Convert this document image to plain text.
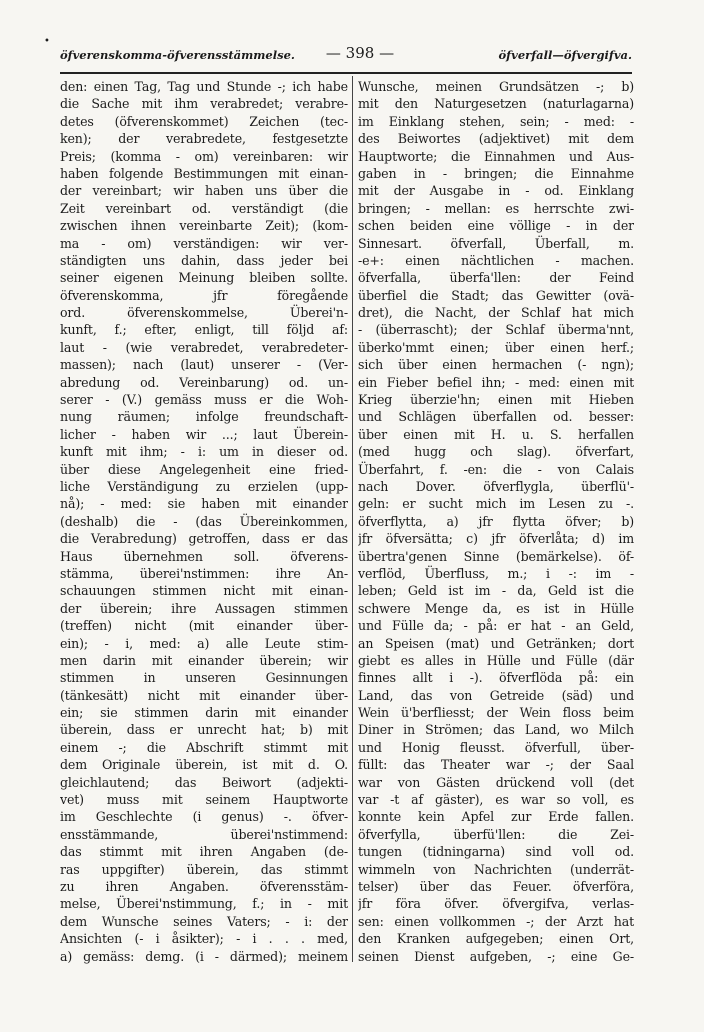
•
öfverenskomma-öfverensstämmelse. — 398 —	öfverfall—öfvergifva.
den: einen Tag, Tag und Stunde -; ich habe
die Sache mit ihm verabredet; verabre-
detes (öfverenskommet) Zeichen (tec-
ken); der verabredete, festgesetzte
Preis; (komma - om) vereinbaren: wir
haben folgende Bestimmungen mit einan-
der vereinbart; wir haben uns über die
Zeit vereinbart od. verständigt (die
zwischen ihnen vereinbarte Zeit); (kom-
ma - om) verständigen: wir ver-
ständigten uns dahin, dass jeder bei
seiner eigenen Meinung bleiben sollte.
öfverenskomma, jfr föregående
ord. öfverenskommelse, Überei'n-
kunft, f.; efter, enligt, till följd af:
laut - (wie verabredet, verabredeter-
massen); nach (laut) unserer - (Ver-
abredung od. Vereinbarung) od. un-
serer - (V.) gemäss muss er die Woh-
nung räumen; infolge freundschaft-
licher - haben wir ...; laut Überein-
kunft mit ihm; - i: um in dieser od.
über diese Angelegenheit eine fried-
liche Verständigung zu erzielen (upp-
nå); - med: sie haben mit einander
(deshalb) die - (das Übereinkommen,
die Verabredung) getroffen, dass er das
Haus übernehmen soll. öfverens-
stämma, überei'nstimmen: ihre An-
schauungen stimmen nicht mit einan-
der überein; ihre Aussagen stimmen
(treffen) nicht (mit einander über-
ein); - i, med: a) alle Leute stim-
men darin mit einander überein; wir
stimmen in unseren Gesinnungen
(tänkesätt) nicht mit einander über-
ein; sie stimmen darin mit einander
überein, dass er unrecht hat; b) mit
einem -; die Abschrift stimmt mit
dem Originale überein, ist mit d. O.
gleichlautend; das Beiwort (adjekti-
vet) muss mit seinem Hauptworte
im Geschlechte (i genus) -. öfver-
ensstämmande, überei'nstimmend:
das stimmt mit ihren Angaben (de-
ras uppgifter) überein, das stimmt
zu ihren Angaben. öfverensstäm-
melse, Überei'nstimmung, f.; in - mit
dem Wunsche seines Vaters; - i: der
Ansichten (- i åsikter); - i . . . med,
a) gemäss: demg. (i - därmed); meinem
Wunsche, meinen Grundsätzen -; b)
mit den Naturgesetzen (naturlagarna)
im Einklang stehen, sein; - med: -
des Beiwortes (adjektivet) mit dem
Hauptworte; die Einnahmen und Aus-
gaben in - bringen; die Einnahme
mit der Ausgabe in - od. Einklang
bringen; - mellan: es herrschte zwi-
schen beiden eine völlige - in der
Sinnesart. öfverfall, Überfall, m.
-e+: einen nächtlichen - machen.
öfverfalla, überfa'llen: der Feind
überfiel die Stadt; das Gewitter (ovä-
dret), die Nacht, der Schlaf hat mich
- (überrascht); der Schlaf überma'nnt,
überko'mmt einen; über einen herf.;
sich über einen hermachen (- ngn);
ein Fieber befiel ihn; - med: einen mit
Krieg überzie'hn; einen mit Hieben
und Schlägen überfallen od. besser:
über einen mit H. u. S. herfallen
(med hugg och slag). öfverfart,
Überfahrt, f. -en: die - von Calais
nach Dover. öfverflygla, überflü'-
geln: er sucht mich im Lesen zu -.
öfverflytta, a) jfr flytta öfver; b)
jfr öfversätta; c) jfr öfverlåta; d) im
übertra'genen Sinne (bemärkelse). öf-
verflöd, Überfluss, m.; i -: im -
leben; Geld ist im - da, Geld ist die
schwere Menge da, es ist in Hülle
und Fülle da; - på: er hat - an Geld,
an Speisen (mat) und Getränken; dort
giebt es alles in Hülle und Fülle (där
finnes allt i -). öfverflöda på: ein
Land, das von Getreide (säd) und
Wein ü'berfliesst; der Wein floss beim
Diner in Strömen; das Land, wo Milch
und Honig fleusst. öfverfull, über-
füllt: das Theater war -; der Saal
war von Gästen drückend voll (det
var -t af gäster), es war so voll, es
konnte kein Apfel zur Erde fallen.
öfverfylla, überfü'llen: die Zei-
tungen (tidningarna) sind voll od.
wimmeln von Nachrichten (underrät-
telser) über das Feuer. öfverföra,
jfr föra öfver. öfvergifva, verlas-
sen: einen vollkommen -; der Arzt hat
den Kranken aufgegeben; einen Ort,
seinen Dienst aufgeben, -; eine Ge-
